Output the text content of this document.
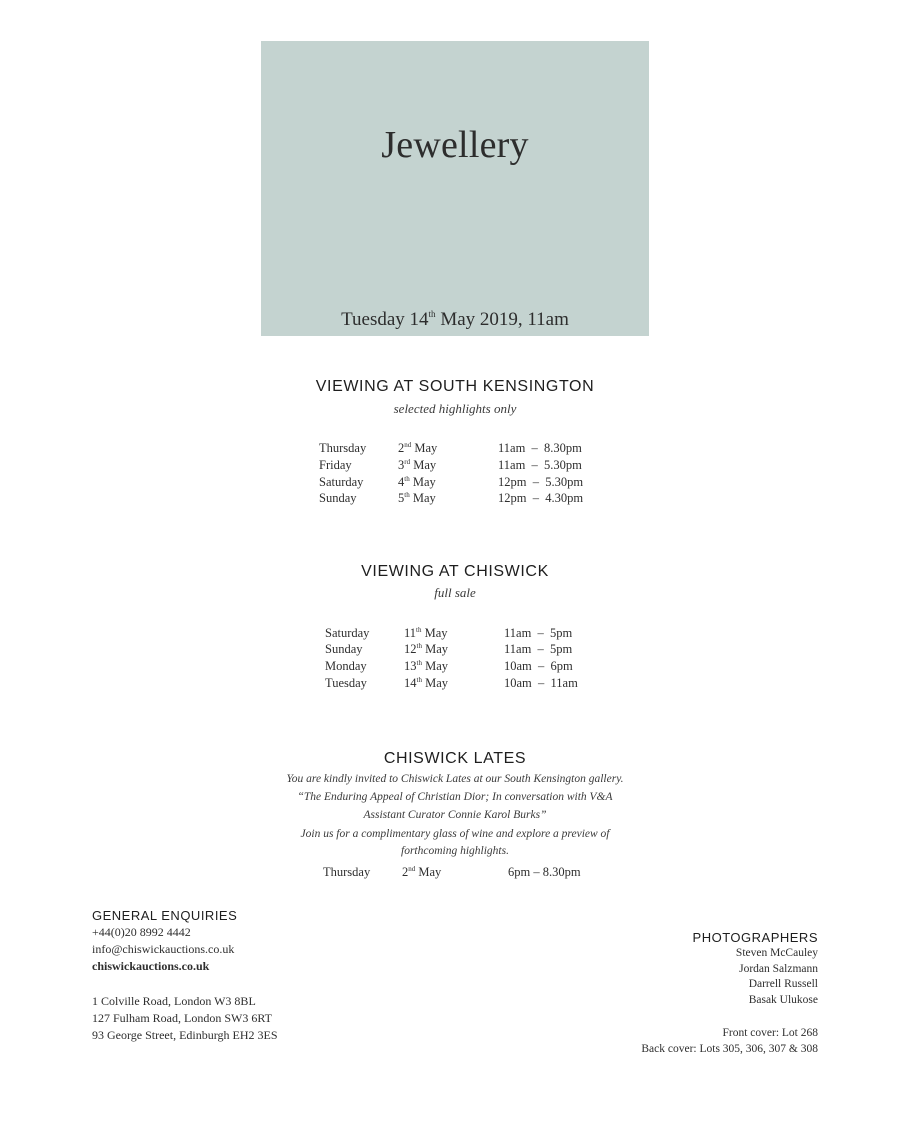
Jewellery
Tuesday 14th May 2019, 11am
VIEWING AT SOUTH KENSINGTON
selected highlights only
Thursday	2nd May	11am  –  8.30pm
Friday	3rd May	11am  –  5.30pm
Saturday	4th May	12pm  –  5.30pm
Sunday	5th May	12pm  –  4.30pm
VIEWING AT CHISWICK
full sale
Saturday	11th May	11am  –  5pm
Sunday	12th May	11am  –  5pm
Monday	13th May	10am  –  6pm
Tuesday	14th May	10am  –  11am
CHISWICK LATES
You are kindly invited to Chiswick Lates at our South Kensington gallery.
“The Enduring Appeal of Christian Dior; In conversation with V&A
Assistant Curator Connie Karol Burks”
Join us for a complimentary glass of wine and explore a preview of
forthcoming highlights.
Thursday	2nd May	6pm – 8.30pm
GENERAL ENQUIRIES
+44(0)20 8992 4442
info@chiswickauctions.co.uk
chiswickauctions.co.uk
1 Colville Road, London W3 8BL
127 Fulham Road, London SW3 6RT
93 George Street, Edinburgh EH2 3ES
PHOTOGRAPHERS
Steven McCauley
Jordan Salzmann
Darrell Russell
Basak Ulukose
Front cover: Lot 268
Back cover: Lots 305, 306, 307 & 308
